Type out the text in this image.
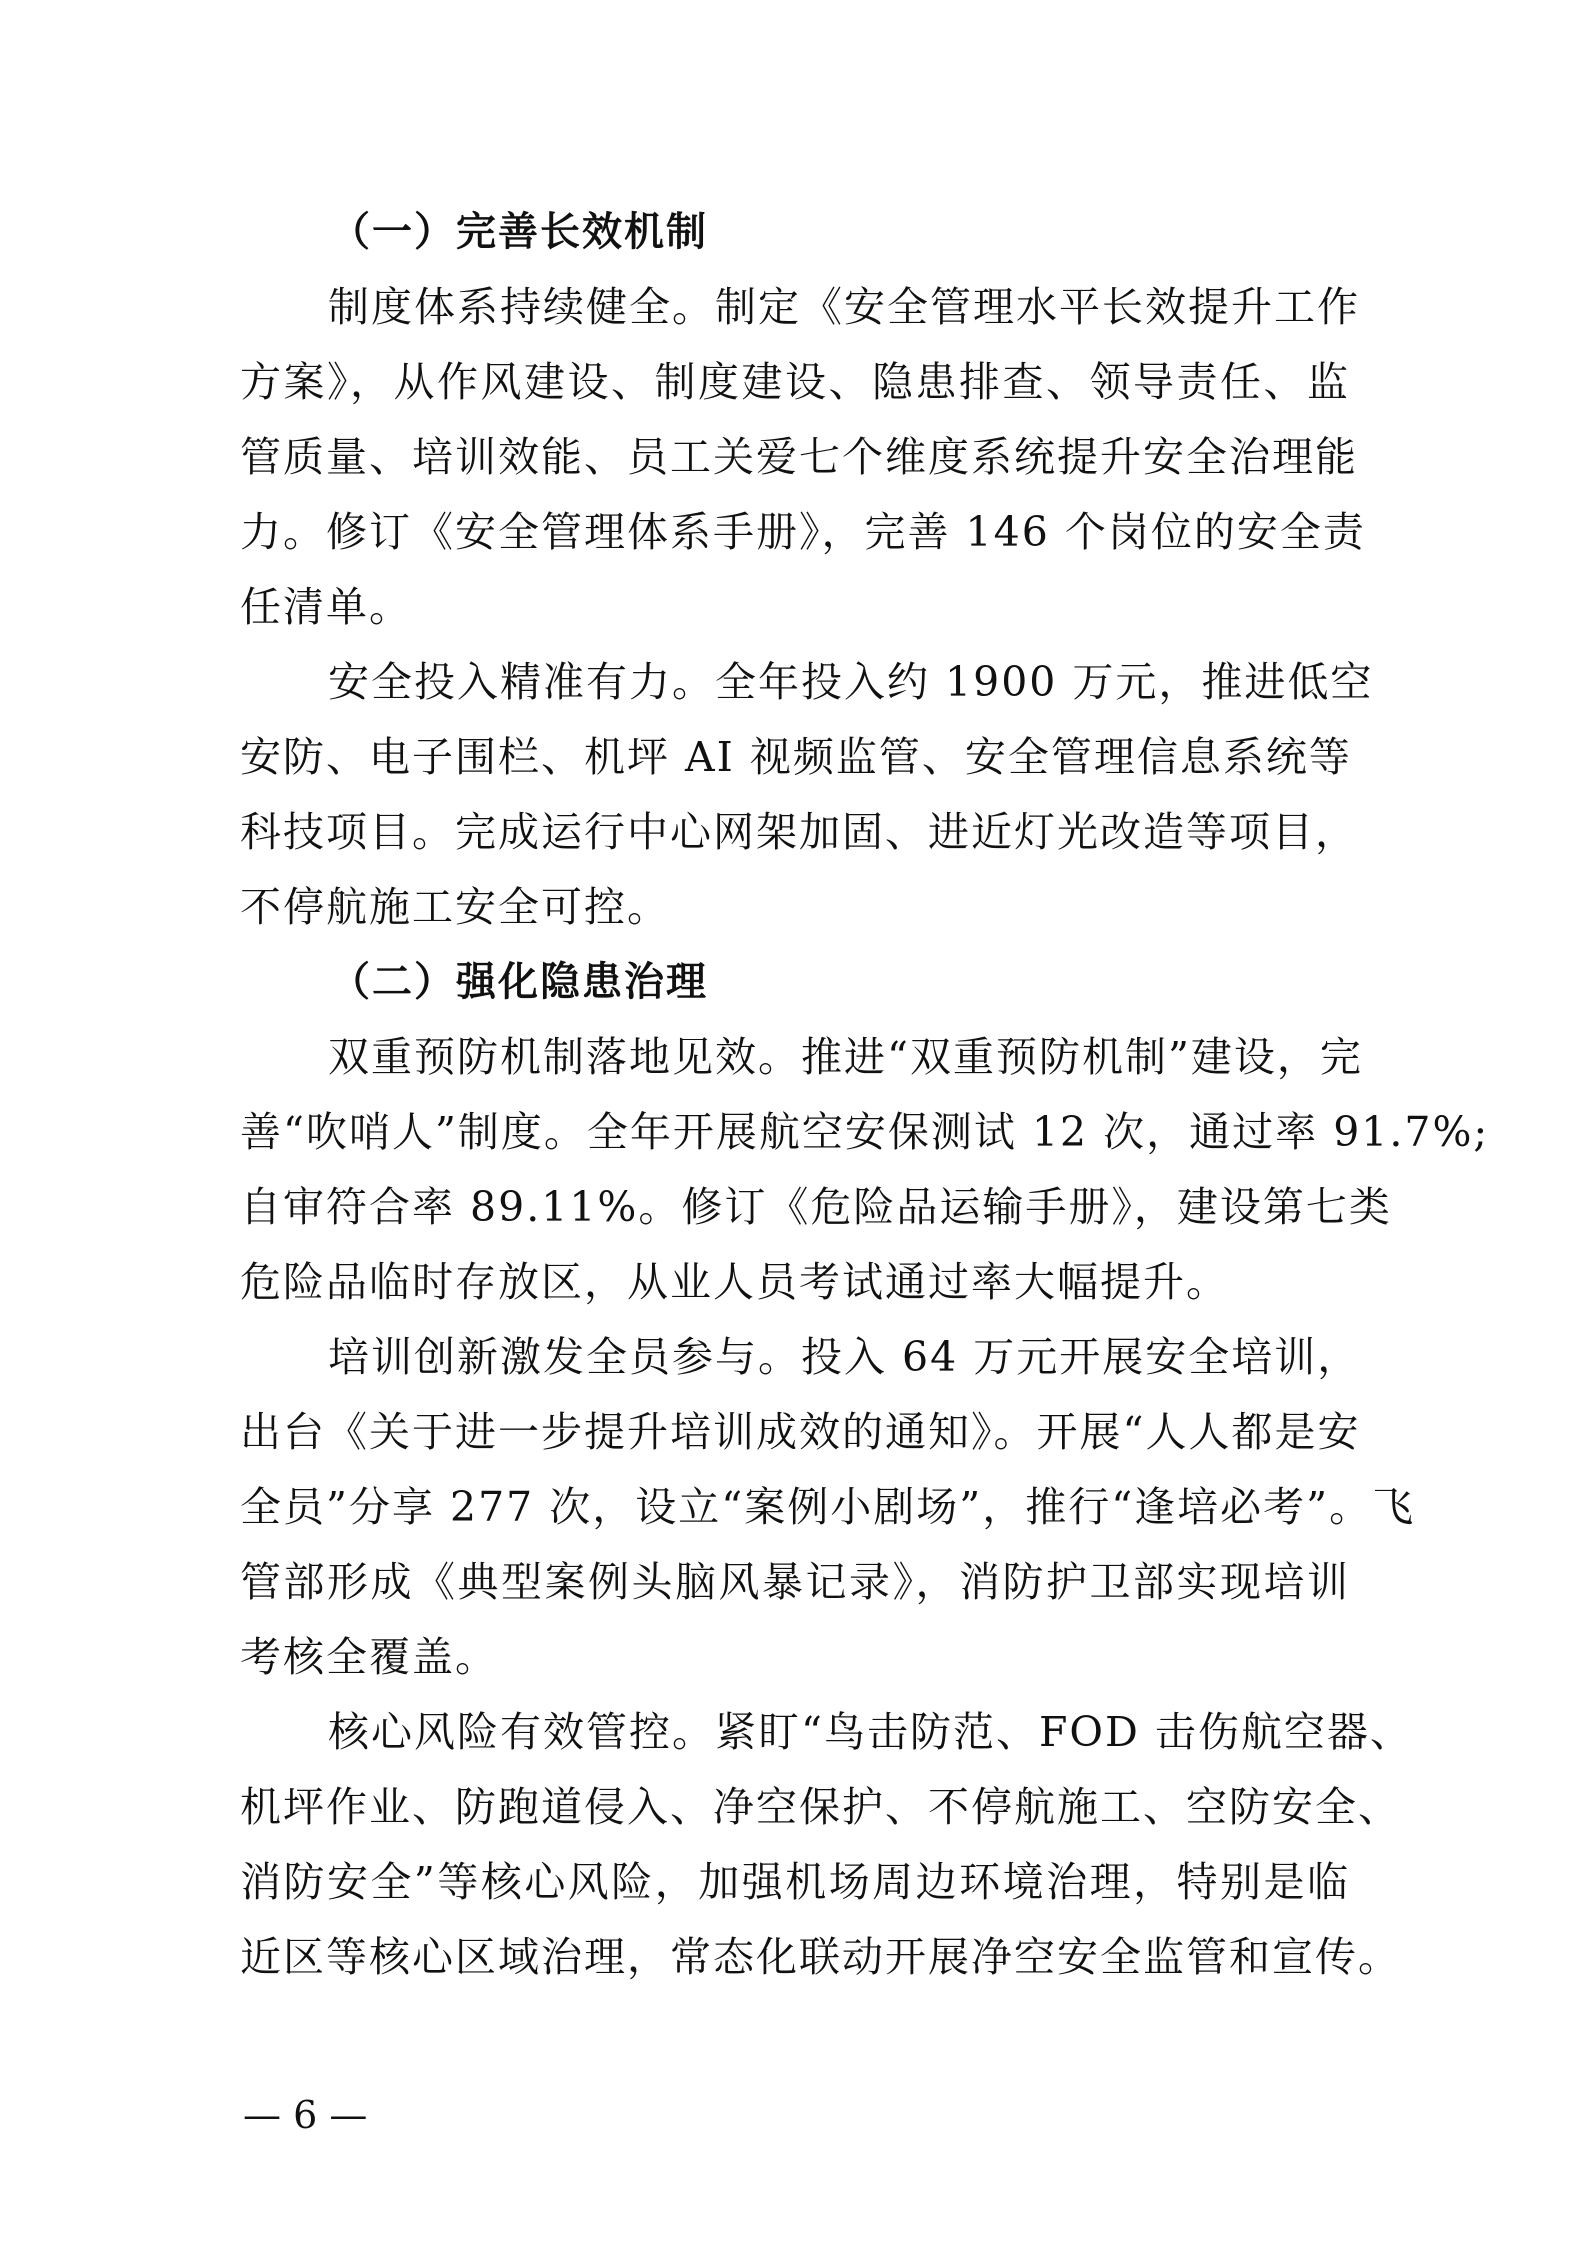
（一）完善长效机制
制度体系持续健全。制定《安全管理水平长效提升工作
方案》，从作风建设、制度建设、隐患排查、领导责任、监
管质量、培训效能、员工关爱七个维度系统提升安全治理能
力。修订《安全管理体系手册》，完善 146 个岗位的安全责
任清单。
安全投入精准有力。全年投入约 1900 万元，推进低空
安防、电子围栏、机坪 AI 视频监管、安全管理信息系统等
科技项目。完成运行中心网架加固、进近灯光改造等项目，
不停航施工安全可控。
（二）强化隐患治理
双重预防机制落地见效。推进“双重预防机制”建设，完
善“吹哨人”制度。全年开展航空安保测试 12 次，通过率 91.7%;
自审符合率 89.11%。修订《危险品运输手册》，建设第七类
危险品临时存放区，从业人员考试通过率大幅提升。
培训创新激发全员参与。投入 64 万元开展安全培训，
出台《关于进一步提升培训成效的通知》。开展“人人都是安
全员”分享 277 次，设立“案例小剧场”，推行“逢培必考”。飞
管部形成《典型案例头脑风暴记录》，消防护卫部实现培训
考核全覆盖。
核心风险有效管控。紧盯“鸟击防范、FOD 击伤航空器、
机坪作业、防跑道侵入、净空保护、不停航施工、空防安全、
消防安全”等核心风险，加强机场周边环境治理，特别是临
近区等核心区域治理，常态化联动开展净空安全监管和宣传。
— 6 —
